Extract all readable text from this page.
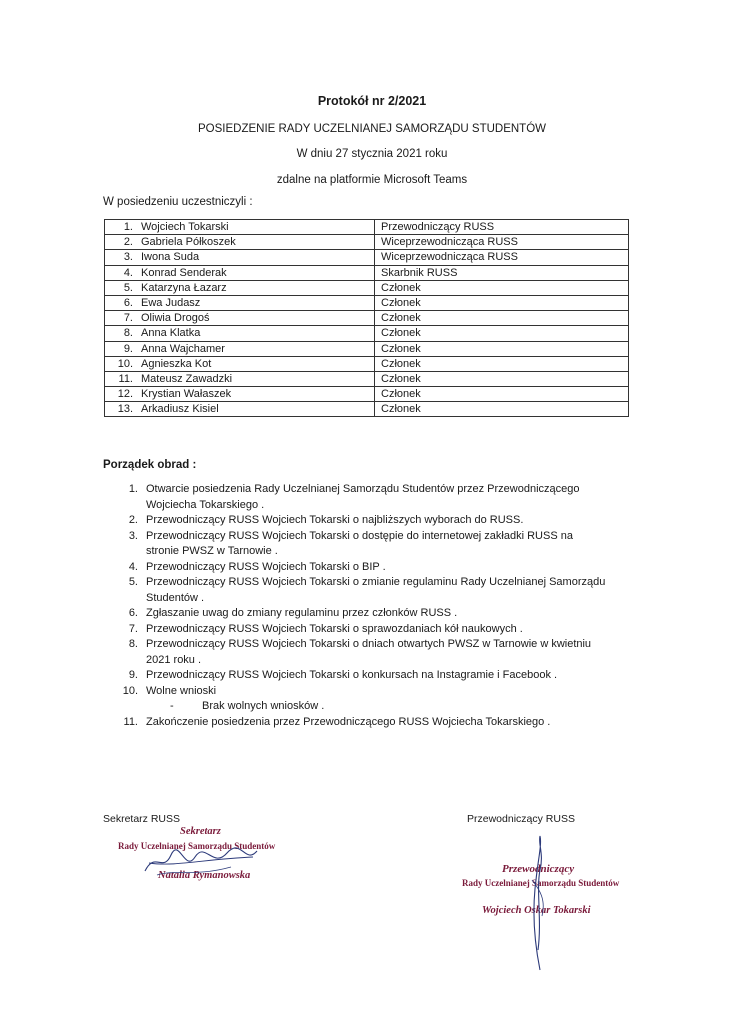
Protokół nr 2/2021
POSIEDZENIE RADY UCZELNIANEJ SAMORZĄDU STUDENTÓW
W dniu 27 stycznia 2021 roku
zdalne na platformie Microsoft Teams
W posiedzeniu uczestniczyli :
1. Wojciech Tokarski	Przewodniczący RUSS
2. Gabriela Półkoszek	Wiceprzewodnicząca RUSS
3. Iwona Suda	Wiceprzewodnicząca RUSS
4. Konrad Senderak	Skarbnik RUSS
5. Katarzyna Łazarz	Członek
6. Ewa Judasz	Członek
7. Oliwia Drogoś	Członek
8. Anna Klatka	Członek
9. Anna Wajchamer	Członek
10. Agnieszka Kot	Członek
11. Mateusz Zawadzki	Członek
12. Krystian Wałaszek	Członek
13. Arkadiusz Kisiel	Członek
Porządek obrad :
1. Otwarcie posiedzenia Rady Uczelnianej Samorządu Studentów przez Przewodniczącego
Wojciecha Tokarskiego .
2. Przewodniczący RUSS Wojciech Tokarski o najbliższych wyborach do RUSS.
3. Przewodniczący RUSS Wojciech Tokarski o dostępie do internetowej zakładki RUSS na
stronie PWSZ w Tarnowie .
4. Przewodniczący RUSS Wojciech Tokarski o BIP .
5. Przewodniczący RUSS Wojciech Tokarski o zmianie regulaminu Rady Uczelnianej Samorządu
Studentów .
6. Zgłaszanie uwag do zmiany regulaminu przez członków RUSS .
7. Przewodniczący RUSS Wojciech Tokarski o sprawozdaniach kół naukowych .
8. Przewodniczący RUSS Wojciech Tokarski o dniach otwartych PWSZ w Tarnowie w kwietniu
2021 roku .
9. Przewodniczący RUSS Wojciech Tokarski o konkursach na Instagramie i Facebook .
10. Wolne wnioski
-	Brak wolnych wniosków .
11. Zakończenie posiedzenia przez Przewodniczącego RUSS Wojciecha Tokarskiego .
Sekretarz RUSS	Przewodniczący RUSS
Sekretarz
Rady Uczelnianej Samorządu Studentów
Natalia Rymanowska
Przewodniczący
Rady Uczelnianej Samorządu Studentów
Wojciech Oskar Tokarski
